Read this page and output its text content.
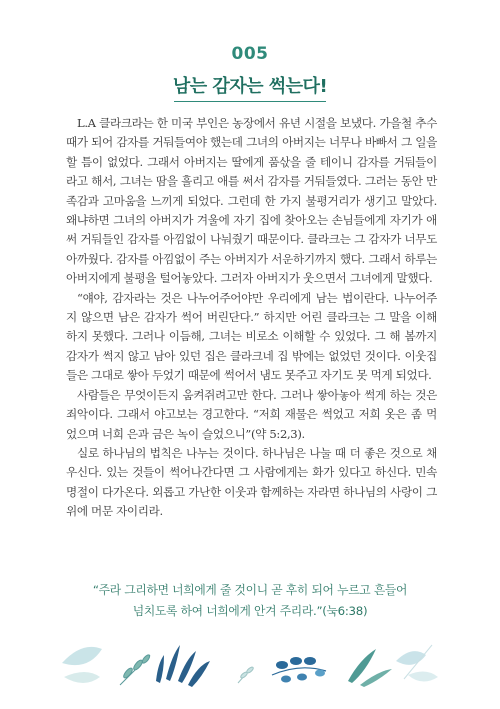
005
남는 감자는 썩는다!

L.A 클라크라는 한 미국 부인은 농장에서 유년 시절을 보냈다. 가을철 추수 때가 되어 감자를 거둬들여야 했는데 그녀의 아버지는 너무나 바빠서 그 일을 할 틈이 없었다. 그래서 아버지는 딸에게 품삯을 줄 테이니 감자를 거둬들이라고 해서, 그녀는 땀을 흘리고 애를 써서 감자를 거둬들였다. 그러는 동안 만족감과 고마움을 느끼게 되었다. 그런데 한 가지 불평거리가 생기고 말았다. 왜냐하면 그녀의 아버지가 겨울에 자기 집에 찾아오는 손님들에게 자기가 애써 거둬들인 감자를 아낌없이 나눠줬기 때문이다. 클라크는 그 감자가 너무도 아까웠다. 감자를 아낌없이 주는 아버지가 서운하기까지 했다. 그래서 하루는 아버지에게 불평을 털어놓았다. 그러자 아버지가 웃으면서 그녀에게 말했다.

“얘야, 감자라는 것은 나누어주어야만 우리에게 남는 법이란다. 나누어주지 않으면 남은 감자가 썩어 버린단다.” 하지만 어린 클라크는 그 말을 이해하지 못했다. 그러나 이듬해, 그녀는 비로소 이해할 수 있었다. 그 해 봄까지 감자가 썩지 않고 남아 있던 집은 클라크네 집 밖에는 없었던 것이다. 이웃집들은 그대로 쌓아 두었기 때문에 썩어서 냄도 못주고 자기도 못 먹게 되었다.

사람들은 무엇이든지 움켜쥐려고만 한다. 그러나 쌓아놓아 썩게 하는 것은 죄악이다. 그래서 야고보는 경고한다. “저희 재물은 썩었고 저희 옷은 좀 먹었으며 너희 은과 금은 녹이 슬었으니”(약 5:2,3).

실로 하나님의 법칙은 나누는 것이다. 하나님은 나눌 때 더 좋은 것으로 채우신다. 있는 것들이 썩어나간다면 그 사람에게는 화가 있다고 하신다. 민속 명절이 다가온다. 외롭고 가난한 이웃과 함께하는 자라면 하나님의 사랑이 그 위에 머문 자이리라.

“주라 그리하면 너희에게 줄 것이니 곧 후히 되어 누르고 흔들어
넘치도록 하여 너희에게 안겨 주리라.”(눅6:38)
